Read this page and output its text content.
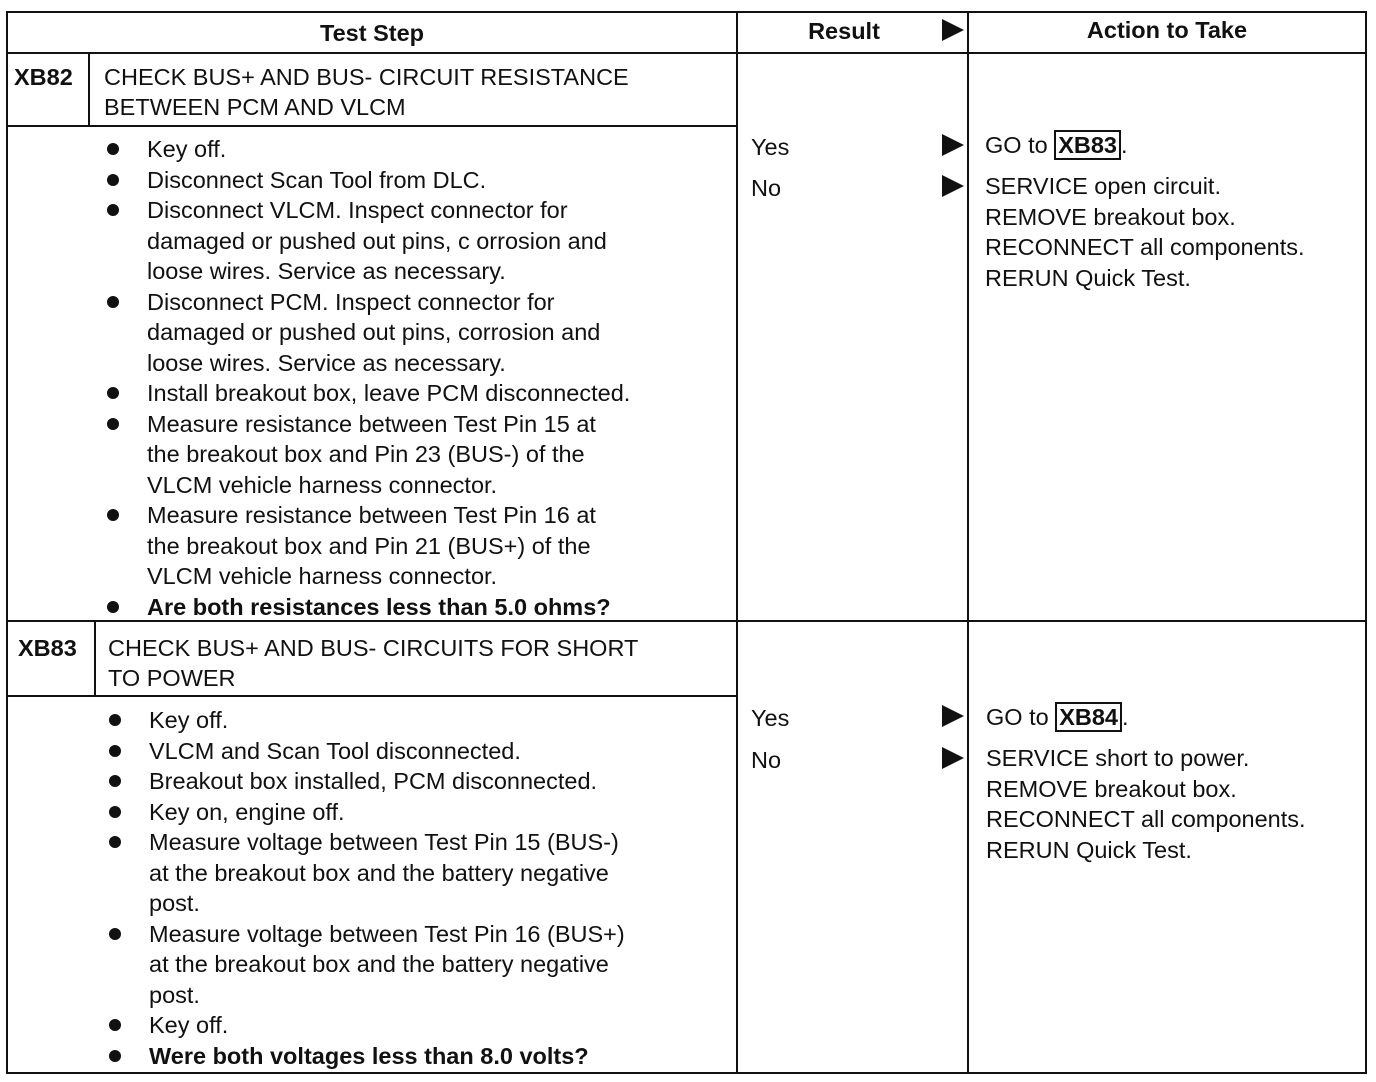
Test Step	Result	Action to Take
XB82 CHECK BUS+ AND BUS- CIRCUIT RESISTANCE
BETWEEN PCM AND VLCM
Key off.
Disconnect Scan Tool from DLC.
Disconnect VLCM. Inspect connector for
damaged or pushed out pins, c orrosion and
loose wires. Service as necessary.
Disconnect PCM. Inspect connector for
damaged or pushed out pins, corrosion and
loose wires. Service as necessary.
Install breakout box, leave PCM disconnected.
Measure resistance between Test Pin 15 at
the breakout box and Pin 23 (BUS-) of the
VLCM vehicle harness connector.
Measure resistance between Test Pin 16 at
the breakout box and Pin 21 (BUS+) of the
VLCM vehicle harness connector.
Are both resistances less than 5.0 ohms?
Yes
No
GO to XB83 .
SERVICE open circuit.
REMOVE breakout box.
RECONNECT all components.
RERUN Quick Test.
XB83 CHECK BUS+ AND BUS- CIRCUITS FOR SHORT
TO POWER
Key off.
VLCM and Scan Tool disconnected.
Breakout box installed, PCM disconnected.
Key on, engine off.
Measure voltage between Test Pin 15 (BUS-)
at the breakout box and the battery negative
post.
Measure voltage between Test Pin 16 (BUS+)
at the breakout box and the battery negative
post.
Key off.
Were both voltages less than 8.0 volts?
Yes
No
GO to XB84 .
SERVICE short to power.
REMOVE breakout box.
RECONNECT all components.
RERUN Quick Test.
